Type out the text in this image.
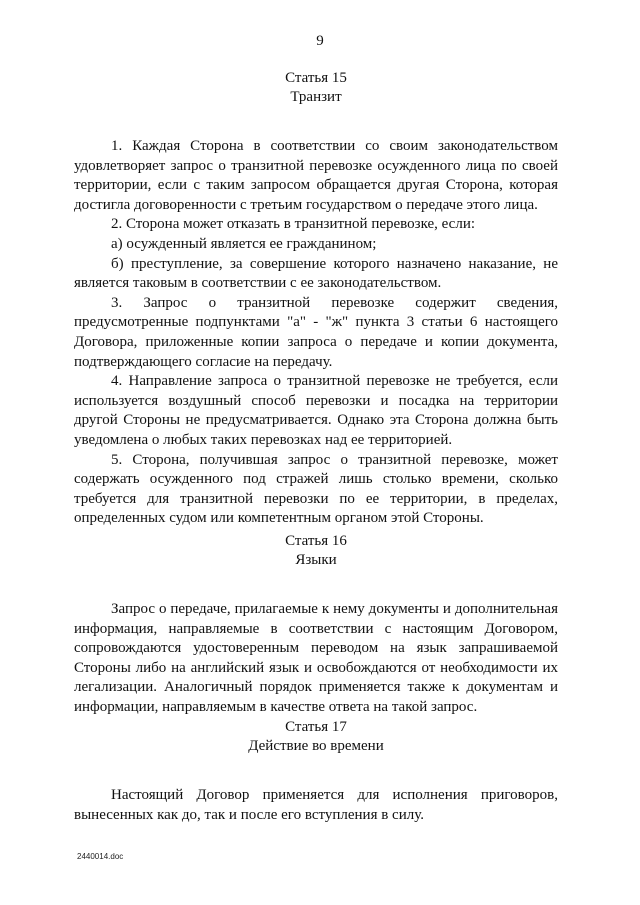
9
Статья 15
Транзит

1. Каждая Сторона в соответствии со своим законодательством удовлетворяет запрос о транзитной перевозке осужденного лица по своей территории, если с таким запросом обращается другая Сторона, которая достигла договоренности с третьим государством о передаче этого лица.

2. Сторона может отказать в транзитной перевозке, если:

а) осужденный является ее гражданином;

б) преступление, за совершение которого назначено наказание, не является таковым в соответствии с ее законодательством.

3. Запрос о транзитной перевозке содержит сведения, предусмотренные подпунктами "а" - "ж" пункта 3 статьи 6 настоящего Договора, приложенные копии запроса о передаче и копии документа, подтверждающего согласие на передачу.

4. Направление запроса о транзитной перевозке не требуется, если используется воздушный способ перевозки и посадка на территории другой Стороны не предусматривается. Однако эта Сторона должна быть уведомлена о любых таких перевозках над ее территорией.

5. Сторона, получившая запрос о транзитной перевозке, может содержать осужденного под стражей лишь столько времени, сколько требуется для транзитной перевозки по ее территории, в пределах, определенных судом или компетентным органом этой Стороны.

Статья 16
Языки

Запрос о передаче, прилагаемые к нему документы и дополнительная информация, направляемые в соответствии с настоящим Договором, сопровождаются удостоверенным переводом на язык запрашиваемой Стороны либо на английский язык и освобождаются от необходимости их легализации. Аналогичный порядок применяется также к документам и информации, направляемым в качестве ответа на такой запрос.

Статья 17
Действие во времени

Настоящий Договор применяется для исполнения приговоров, вынесенных как до, так и после его вступления в силу.

2440014.doc
